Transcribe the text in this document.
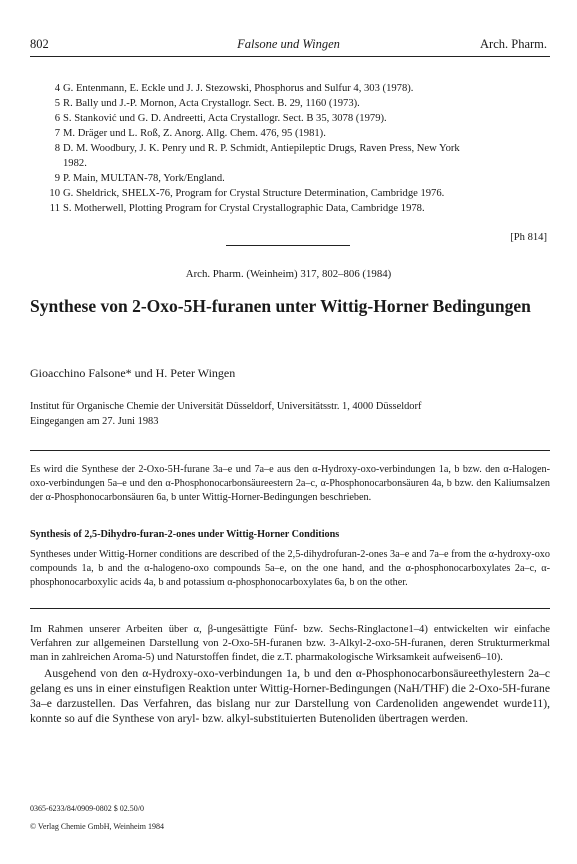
802	Falsone und Wingen	Arch. Pharm.
4 G. Entenmann, E. Eckle und J. J. Stezowski, Phosphorus and Sulfur 4, 303 (1978).
5 R. Bally und J.-P. Mornon, Acta Crystallogr. Sect. B. 29, 1160 (1973).
6 S. Stanković und G. D. Andreetti, Acta Crystallogr. Sect. B 35, 3078 (1979).
7 M. Dräger und L. Roß, Z. Anorg. Allg. Chem. 476, 95 (1981).
8 D. M. Woodbury, J. K. Penry und R. P. Schmidt, Antiepileptic Drugs, Raven Press, New York
1982.
9 P. Main, MULTAN-78, York/England.
10 G. Sheldrick, SHELX-76, Program for Crystal Structure Determination, Cambridge 1976.
11 S. Motherwell, Plotting Program for Crystal Crystallographic Data, Cambridge 1978.
[Ph 814]
Arch. Pharm. (Weinheim) 317, 802–806 (1984)
Synthese von 2-Oxo-5H-furanen unter Wittig-Horner Bedingungen
Gioacchino Falsone* und H. Peter Wingen
Institut für Organische Chemie der Universität Düsseldorf, Universitätsstr. 1, 4000 Düsseldorf
Eingegangen am 27. Juni 1983
Es wird die Synthese der 2-Oxo-5H-furane 3a–e und 7a–e aus den α-Hydroxy-oxo-verbindungen 1a, b bzw. den α-Halogen-oxo-verbindungen 5a–e und den α-Phosphonocarbonsäureestern 2a–c, α-Phosphonocarbonsäuren 4a, b bzw. den Kaliumsalzen der α-Phosphonocarbonsäuren 6a, b unter Wittig-Horner-Bedingungen beschrieben.
Synthesis of 2,5-Dihydro-furan-2-ones under Wittig-Horner Conditions
Syntheses under Wittig-Horner conditions are described of the 2,5-dihydrofuran-2-ones 3a–e and 7a–e from the α-hydroxy-oxo compounds 1a, b and the α-halogeno-oxo compounds 5a–e, on the one hand, and the α-phosphonocarboxylates 2a–c, α-phosphonocarboxylic acids 4a, b and potassium α-phosphonocarboxylates 6a, b on the other.

Im Rahmen unserer Arbeiten über α, β-ungesättigte Fünf- bzw. Sechs-Ringlactone1–4) entwickelten wir einfache Verfahren zur allgemeinen Darstellung von 2-Oxo-5H-furanen bzw. 3-Alkyl-2-oxo-5H-furanen, deren Strukturmerkmal man in zahlreichen Aroma-5) und Naturstoffen findet, die z.T. pharmakologische Wirksamkeit aufweisen6–10).

Ausgehend von den α-Hydroxy-oxo-verbindungen 1a, b und den α-Phosphonocarbonsäureethylestern 2a–c gelang es uns in einer einstufigen Reaktion unter Wittig-Horner-Bedingungen (NaH/THF) die 2-Oxo-5H-furane 3a–e darzustellen. Das Verfahren, das bislang nur zur Darstellung von Cardenoliden angewendet wurde11), konnte so auf die Synthese von aryl- bzw. alkyl-substituierten Butenoliden übertragen werden.

0365-6233/84/0909-0802 $ 02.50/0
© Verlag Chemie GmbH, Weinheim 1984
